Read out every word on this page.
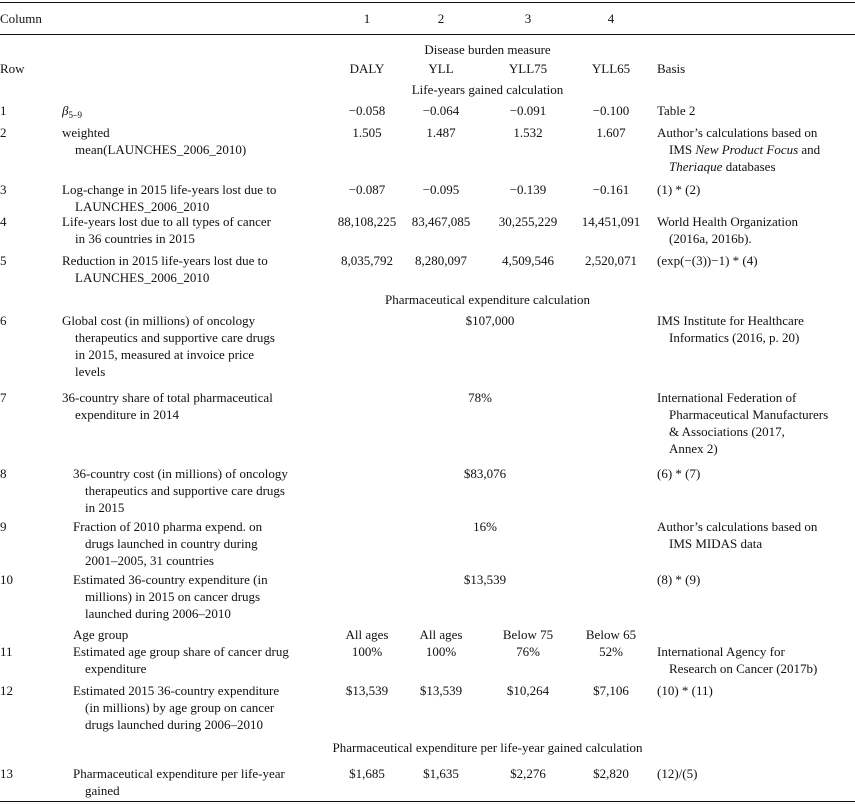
Column	1	2	3	4
Disease burden measure
Row	DALY	YLL	YLL75	YLL65	Basis
Life-years gained calculation
1	$\beta_{5-9}$	−0.058	−0.064	−0.091	−0.100	Table 2
2	weighted
mean(LAUNCHES_2006_2010)
1.505	1.487	1.532	1.607	Author’s calculations based on
IMS New Product Focus and
Theriaque databases
3	Log-change in 2015 life-years lost due to
LAUNCHES_2006_2010
−0.087	−0.095	−0.139	−0.161	(1) * (2)
4	Life-years lost due to all types of cancer
in 36 countries in 2015
88,108,225	83,467,085	30,255,229	14,451,091	World Health Organization
(2016a, 2016b).
5	Reduction in 2015 life-years lost due to
LAUNCHES_2006_2010
8,035,792	8,280,097	4,509,546	2,520,071	(exp(−(3))−1) * (4)
Pharmaceutical expenditure calculation
6	Global cost (in millions) of oncology
therapeutics and supportive care drugs
in 2015, measured at invoice price
levels
$107,000	IMS Institute for Healthcare
Informatics (2016, p. 20)
7	36-country share of total pharmaceutical
expenditure in 2014
78%	International Federation of
Pharmaceutical Manufacturers
& Associations (2017,
Annex 2)
8	36-country cost (in millions) of oncology
therapeutics and supportive care drugs
in 2015
$83,076	(6) * (7)
9	Fraction of 2010 pharma expend. on
drugs launched in country during
2001–2005, 31 countries
16%	Author’s calculations based on
IMS MIDAS data
10	Estimated 36-country expenditure (in
millions) in 2015 on cancer drugs
launched during 2006–2010
$13,539	(8) * (9)
Age group	All ages	All ages	Below 75	Below 65
11	Estimated age group share of cancer drug
expenditure
100%	100%	76%	52%	International Agency for
Research on Cancer (2017b)
12	Estimated 2015 36-country expenditure
(in millions) by age group on cancer
drugs launched during 2006–2010
$13,539	$13,539	$10,264	$7,106	(10) * (11)
Pharmaceutical expenditure per life-year gained calculation
13	Pharmaceutical expenditure per life-year
gained
$1,685	$1,635	$2,276	$2,820	(12)/(5)
